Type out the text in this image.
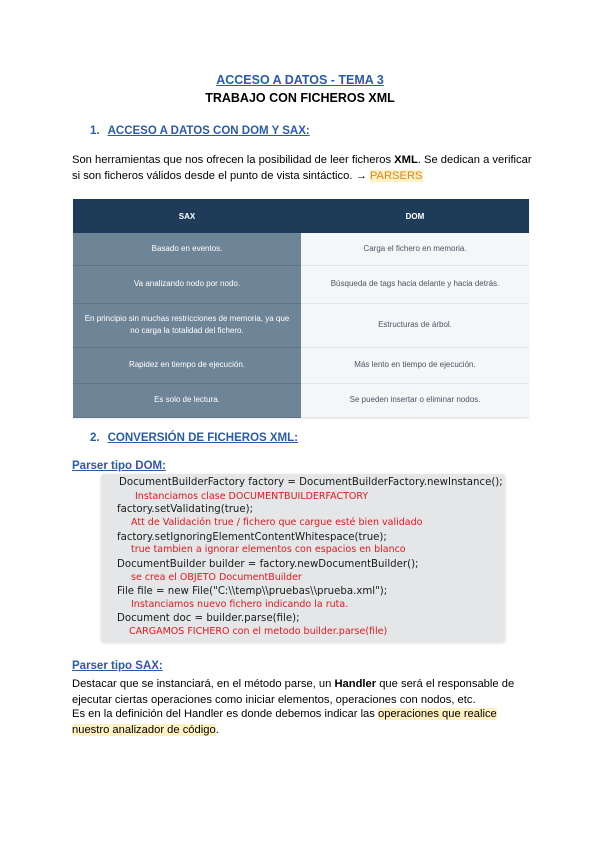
ACCESO A DATOS - TEMA 3
TRABAJO CON FICHEROS XML
1. ACCESO A DATOS CON DOM Y SAX:
Son herramientas que nos ofrecen la posibilidad de leer ficheros XML. Se dedican a verificar si son ficheros válidos desde el punto de vista sintáctico. → PARSERS
SAX	DOM
Basado en eventos.	Carga el fichero en memoria.
Va analizando nodo por nodo.	Búsqueda de tags hacia delante y hacia detrás.
En principio sin muchas restricciones de memoria, ya que no carga la totalidad del fichero.	Estructuras de árbol.
Rapidez en tiempo de ejecución.	Más lento en tiempo de ejecución.
Es solo de lectura.	Se pueden insertar o eliminar nodos.
2. CONVERSIÓN DE FICHEROS XML:
Parser tipo DOM:
DocumentBuilderFactory factory = DocumentBuilderFactory.newInstance();
Instanciamos clase DOCUMENTBUILDERFACTORY
factory.setValidating(true);
Att de Validación true / fichero que cargue esté bien validado
factory.setIgnoringElementContentWhitespace(true);
true tambien a ignorar elementos con espacios en blanco
DocumentBuilder builder = factory.newDocumentBuilder();
se crea el OBJETO DocumentBuilder
File file = new File("C:\\temp\\pruebas\\prueba.xml");
Instanciamos nuevo fichero indicando la ruta.
Document doc = builder.parse(file);
CARGAMOS FICHERO con el metodo builder.parse(file)
Parser tipo SAX:
Destacar que se instanciará, en el método parse, un Handler que será el responsable de ejecutar ciertas operaciones como iniciar elementos, operaciones con nodos, etc.
Es en la definición del Handler es donde debemos indicar las operaciones que realice nuestro analizador de código.
